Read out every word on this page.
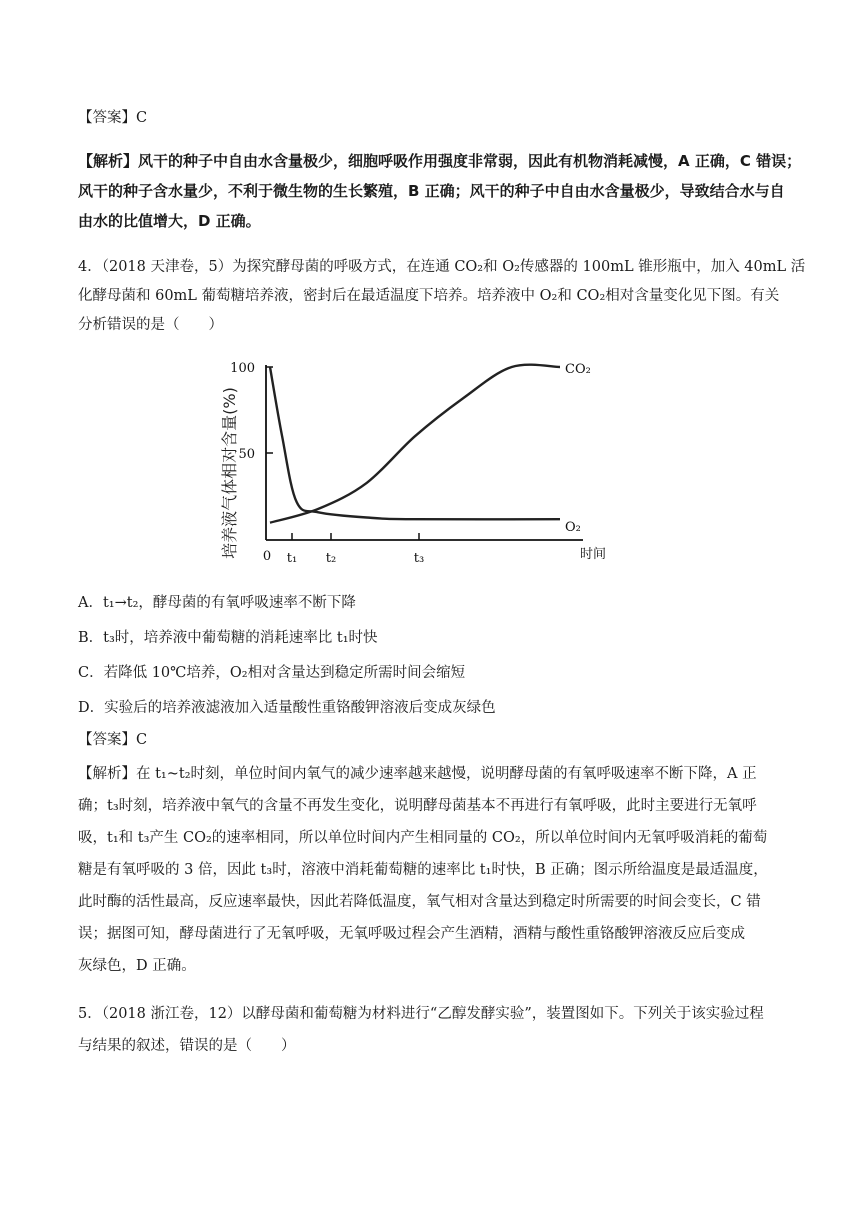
【答案】C
【解析】风干的种子中自由水含量极少，细胞呼吸作用强度非常弱，因此有机物消耗减慢，A 正确，C 错误；
风干的种子含水量少，不利于微生物的生长繁殖，B 正确；风干的种子中自由水含量极少，导致结合水与自
由水的比值增大，D 正确。
4．（2018 天津卷，5）为探究酵母菌的呼吸方式，在连通 CO₂和 O₂传感器的 100mL 锥形瓶中，加入 40mL 活
化酵母菌和 60mL 葡萄糖培养液，密封后在最适温度下培养。培养液中 O₂和 CO₂相对含量变化见下图。有关
分析错误的是（　　）
培养液气体相对含量(%)
100
50
0 t₁ t₂	t₃	时间
CO₂
O₂
A．t₁→t₂，酵母菌的有氧呼吸速率不断下降
B．t₃时，培养液中葡萄糖的消耗速率比 t₁时快
C．若降低 10℃培养，O₂相对含量达到稳定所需时间会缩短
D．实验后的培养液滤液加入适量酸性重铬酸钾溶液后变成灰绿色
【答案】C
【解析】在 t₁~t₂时刻，单位时间内氧气的减少速率越来越慢，说明酵母菌的有氧呼吸速率不断下降，A 正
确；t₃时刻，培养液中氧气的含量不再发生变化，说明酵母菌基本不再进行有氧呼吸，此时主要进行无氧呼
吸，t₁和 t₃产生 CO₂的速率相同，所以单位时间内产生相同量的 CO₂，所以单位时间内无氧呼吸消耗的葡萄
糖是有氧呼吸的 3 倍，因此 t₃时，溶液中消耗葡萄糖的速率比 t₁时快，B 正确；图示所给温度是最适温度，
此时酶的活性最高，反应速率最快，因此若降低温度，氧气相对含量达到稳定时所需要的时间会变长，C 错
误；据图可知，酵母菌进行了无氧呼吸，无氧呼吸过程会产生酒精，酒精与酸性重铬酸钾溶液反应后变成
灰绿色，D 正确。
5．（2018 浙江卷，12）以酵母菌和葡萄糖为材料进行“乙醇发酵实验”，装置图如下。下列关于该实验过程
与结果的叙述，错误的是（　　）
